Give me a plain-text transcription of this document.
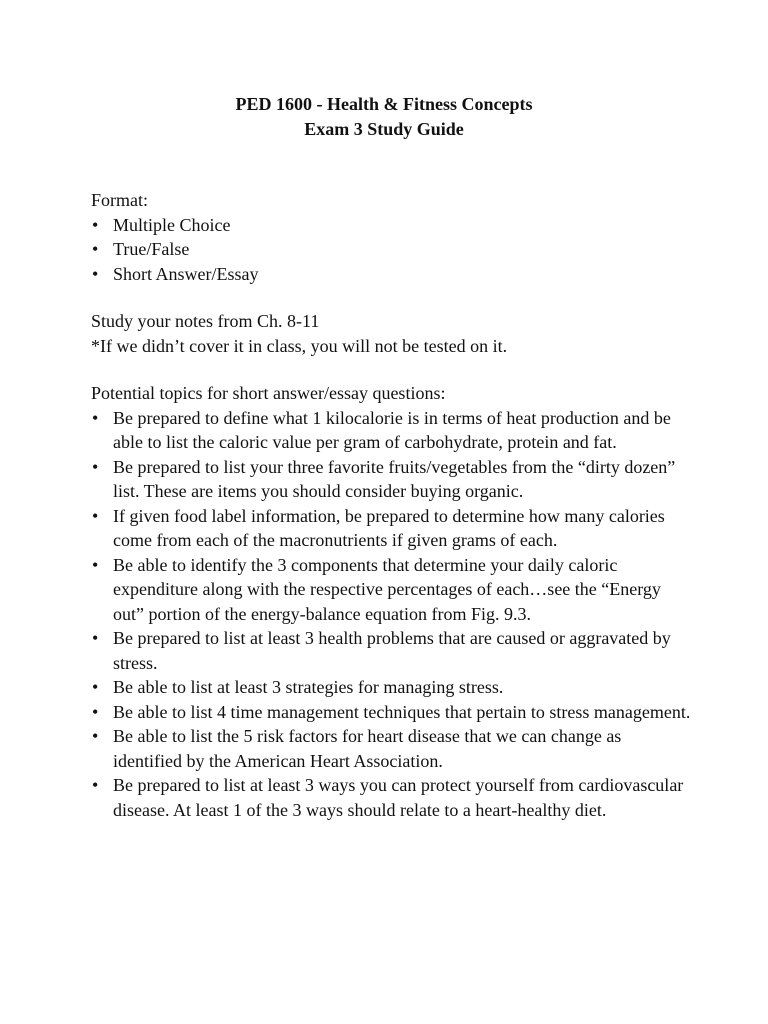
PED 1600 - Health & Fitness Concepts
Exam 3 Study Guide
Format:
• Multiple Choice
• True/False
• Short Answer/Essay
Study your notes from Ch. 8-11
*If we didn’t cover it in class, you will not be tested on it.
Potential topics for short answer/essay questions:
• Be prepared to define what 1 kilocalorie is in terms of heat production and be able to list the caloric value per gram of carbohydrate, protein and fat.
• Be prepared to list your three favorite fruits/vegetables from the “dirty dozen” list. These are items you should consider buying organic.
• If given food label information, be prepared to determine how many calories come from each of the macronutrients if given grams of each.
• Be able to identify the 3 components that determine your daily caloric expenditure along with the respective percentages of each…see the “Energy out” portion of the energy-balance equation from Fig. 9.3.
• Be prepared to list at least 3 health problems that are caused or aggravated by stress.
• Be able to list at least 3 strategies for managing stress.
• Be able to list 4 time management techniques that pertain to stress management.
• Be able to list the 5 risk factors for heart disease that we can change as identified by the American Heart Association.
• Be prepared to list at least 3 ways you can protect yourself from cardiovascular disease. At least 1 of the 3 ways should relate to a heart-healthy diet.
